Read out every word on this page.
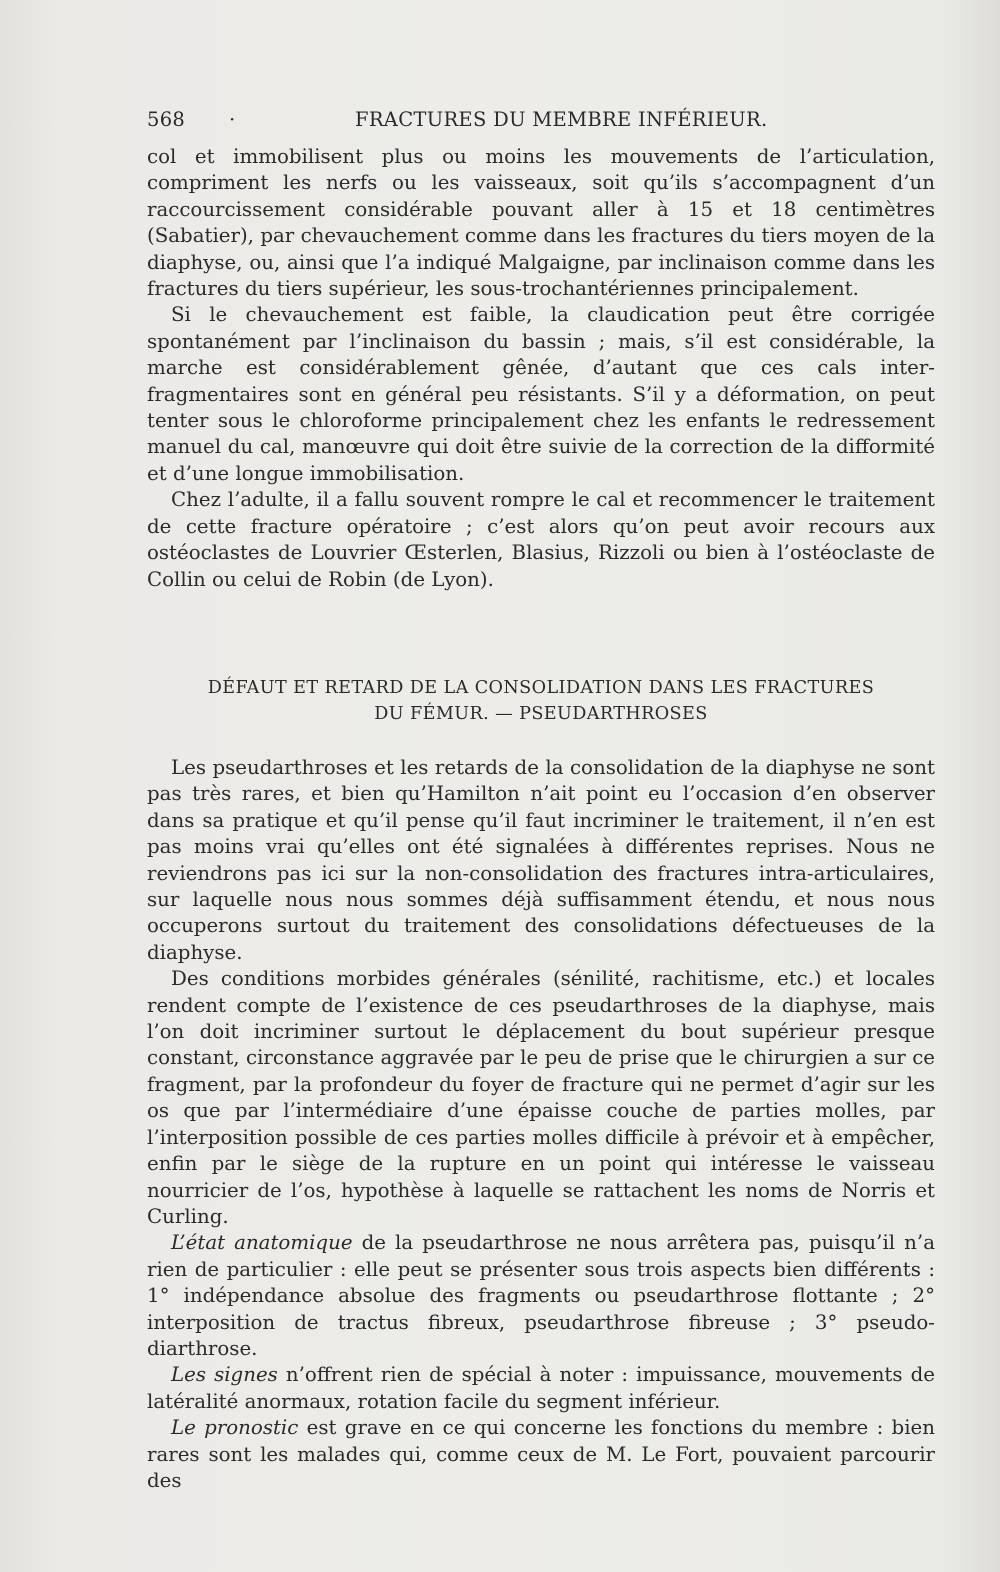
568 ·	FRACTURES DU MEMBRE INFÉRIEUR.

col et immobilisent plus ou moins les mouvements de l’articulation, compriment les nerfs ou les vaisseaux, soit qu’ils s’accompagnent d’un raccourcissement considérable pouvant aller à 15 et 18 centimètres (Sabatier), par chevauchement comme dans les fractures du tiers moyen de la diaphyse, ou, ainsi que l’a indiqué Malgaigne, par inclinaison comme dans les fractures du tiers supérieur, les sous-trochantériennes principalement.

Si le chevauchement est faible, la claudication peut être corrigée spontanément par l’inclinaison du bassin ; mais, s’il est considérable, la marche est considérablement gênée, d’autant que ces cals inter-fragmentaires sont en général peu résistants. S’il y a déformation, on peut tenter sous le chloroforme principalement chez les enfants le redressement manuel du cal, manœuvre qui doit être suivie de la correction de la difformité et d’une longue immobilisation.

Chez l’adulte, il a fallu souvent rompre le cal et recommencer le traitement de cette fracture opératoire ; c’est alors qu’on peut avoir recours aux ostéoclastes de Louvrier Œsterlen, Blasius, Rizzoli ou bien à l’ostéoclaste de Collin ou celui de Robin (de Lyon).

DÉFAUT ET RETARD DE LA CONSOLIDATION DANS LES FRACTURES
DU FÉMUR. — PSEUDARTHROSES

Les pseudarthroses et les retards de la consolidation de la diaphyse ne sont pas très rares, et bien qu’Hamilton n’ait point eu l’occasion d’en observer dans sa pratique et qu’il pense qu’il faut incriminer le traitement, il n’en est pas moins vrai qu’elles ont été signalées à différentes reprises. Nous ne reviendrons pas ici sur la non-consolidation des fractures intra-articulaires, sur laquelle nous nous sommes déjà suffisamment étendu, et nous nous occuperons surtout du traitement des consolidations défectueuses de la diaphyse.

Des conditions morbides générales (sénilité, rachitisme, etc.) et locales rendent compte de l’existence de ces pseudarthroses de la diaphyse, mais l’on doit incriminer surtout le déplacement du bout supérieur presque constant, circonstance aggravée par le peu de prise que le chirurgien a sur ce fragment, par la profondeur du foyer de fracture qui ne permet d’agir sur les os que par l’intermédiaire d’une épaisse couche de parties molles, par l’interposition possible de ces parties molles difficile à prévoir et à empêcher, enfin par le siège de la rupture en un point qui intéresse le vaisseau nourricier de l’os, hypothèse à laquelle se rattachent les noms de Norris et Curling.

L’état anatomique de la pseudarthrose ne nous arrêtera pas, puisqu’il n’a rien de particulier : elle peut se présenter sous trois aspects bien différents : 1° indépendance absolue des fragments ou pseudarthrose flottante ; 2° interposition de tractus fibreux, pseudarthrose fibreuse ; 3° pseudo-diarthrose.

Les signes n’offrent rien de spécial à noter : impuissance, mouvements de latéralité anormaux, rotation facile du segment inférieur.

Le pronostic est grave en ce qui concerne les fonctions du membre : bien rares sont les malades qui, comme ceux de M. Le Fort, pouvaient parcourir des
